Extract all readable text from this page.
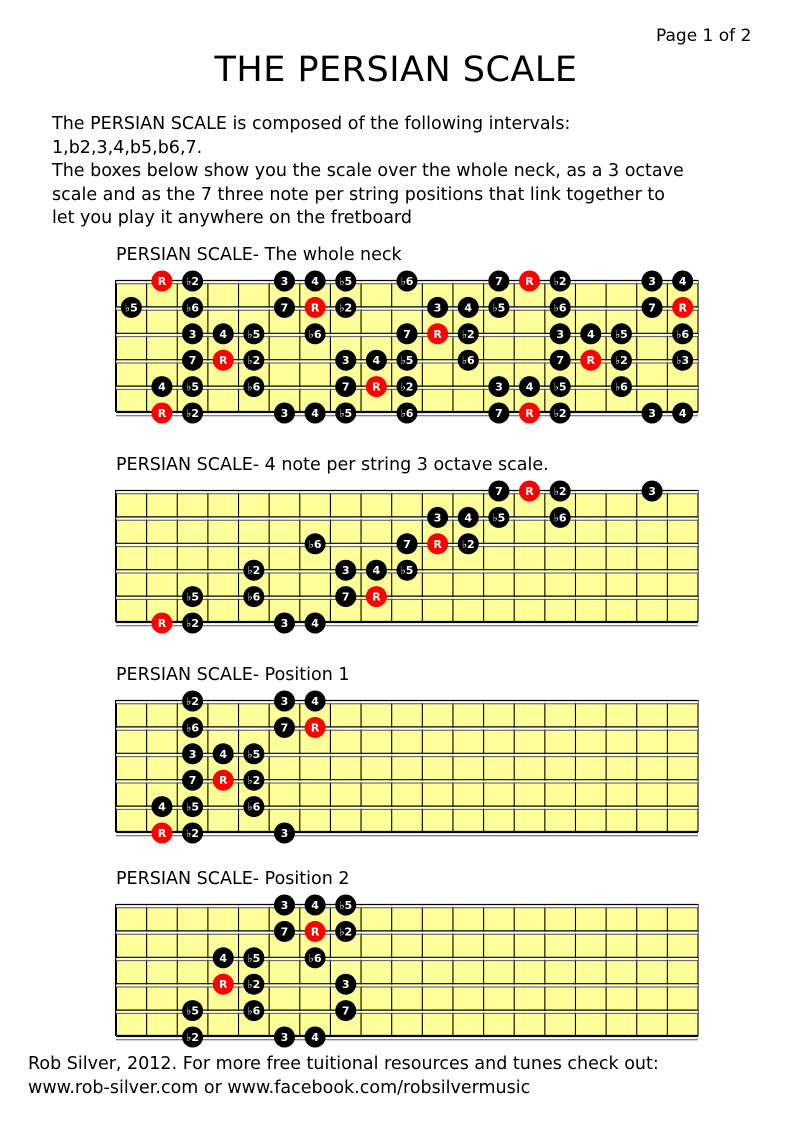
Page 1 of 2
THE PERSIAN SCALE

The PERSIAN SCALE is composed of the following intervals:

1,b2,3,4,b5,b6,7.

The boxes below show you the scale over the whole neck, as a 3 octave

scale and as the 7 three note per string positions that link together to

let you play it anywhere on the fretboard

PERSIAN SCALE- The whole neck
R ♭2	3 4 ♭5	♭6	7 R ♭2	3 4
♭5	♭6	7 R ♭2	3 4 ♭5	♭6	7 R
3 4 ♭5	♭6	7 R ♭2	3 4 ♭5	♭6
7 R ♭2	3 4 ♭5	♭6	7 R ♭2	♭3
4 ♭5	♭6	7 R ♭2	3 4 ♭5	♭6
R ♭2	3 4 ♭5	♭6	7 R ♭2	3 4
PERSIAN SCALE- 4 note per string 3 octave scale.
7 R ♭2	3
3 4 ♭5	♭6
♭6	7 R ♭2
♭2	3 4 ♭5
♭5	♭6	7 R
R ♭2	3 4
PERSIAN SCALE- Position 1
♭2	3 4
♭6	7 R
3 4 ♭5
7 R ♭2
4 ♭5	♭6
R ♭2	3
PERSIAN SCALE- Position 2
3 4 ♭5
7 R ♭2
4 ♭5	♭6
R ♭2	3
♭5	♭6	7
♭2	3 4

Rob Silver, 2012. For more free tuitional resources and tunes check out:

www.rob-silver.com or www.facebook.com/robsilvermusic
